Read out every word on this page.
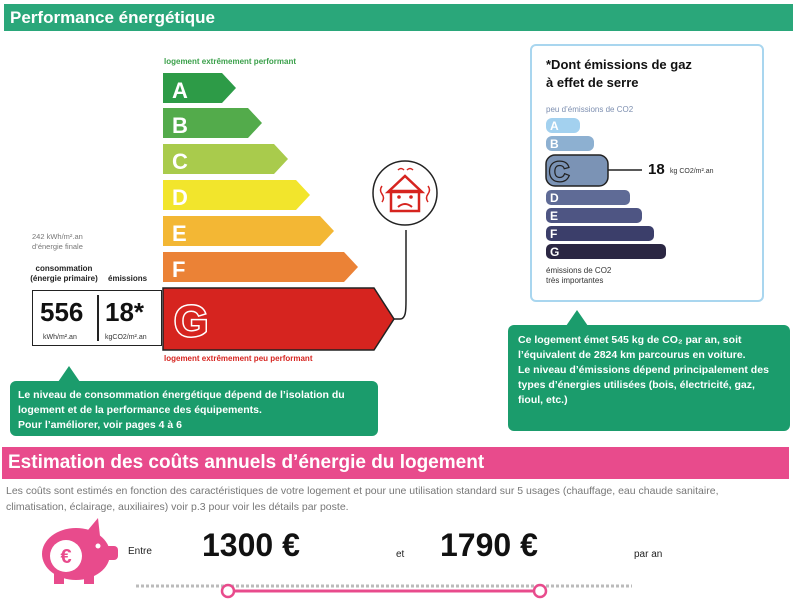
Performance énergétique
logement extrêmement performant
A
B
C
D
E
F
G
242 kWh/m².an
d’énergie finale
consommation
(énergie primaire) émissions
556
kWh/m².an
18*
kgCO2/m².an
logement extrêmement peu performant
Le niveau de consommation énergétique dépend de l’isolation du
logement et de la performance des équipements.
Pour l’améliorer, voir pages 4 à 6
*Dont émissions de gaz
à effet de serre
peu d’émissions de CO2
A
B
C
D
E
F
G
18 kg CO2/m².an
émissions de CO2
très importantes
Ce logement émet 545 kg de CO₂ par an, soit
l’équivalent de 2824 km parcourus en voiture.
Le niveau d’émissions dépend principalement des
types d’énergies utilisées (bois, électricité, gaz,
fioul, etc.)
Estimation des coûts annuels d’énergie du logement
Les coûts sont estimés en fonction des caractéristiques de votre logement et pour une utilisation standard sur 5 usages (chauffage, eau chaude sanitaire,
climatisation, éclairage, auxiliaires) voir p.3 pour voir les détails par poste.
€	Entre 1300 €	et 1790 €	par an
